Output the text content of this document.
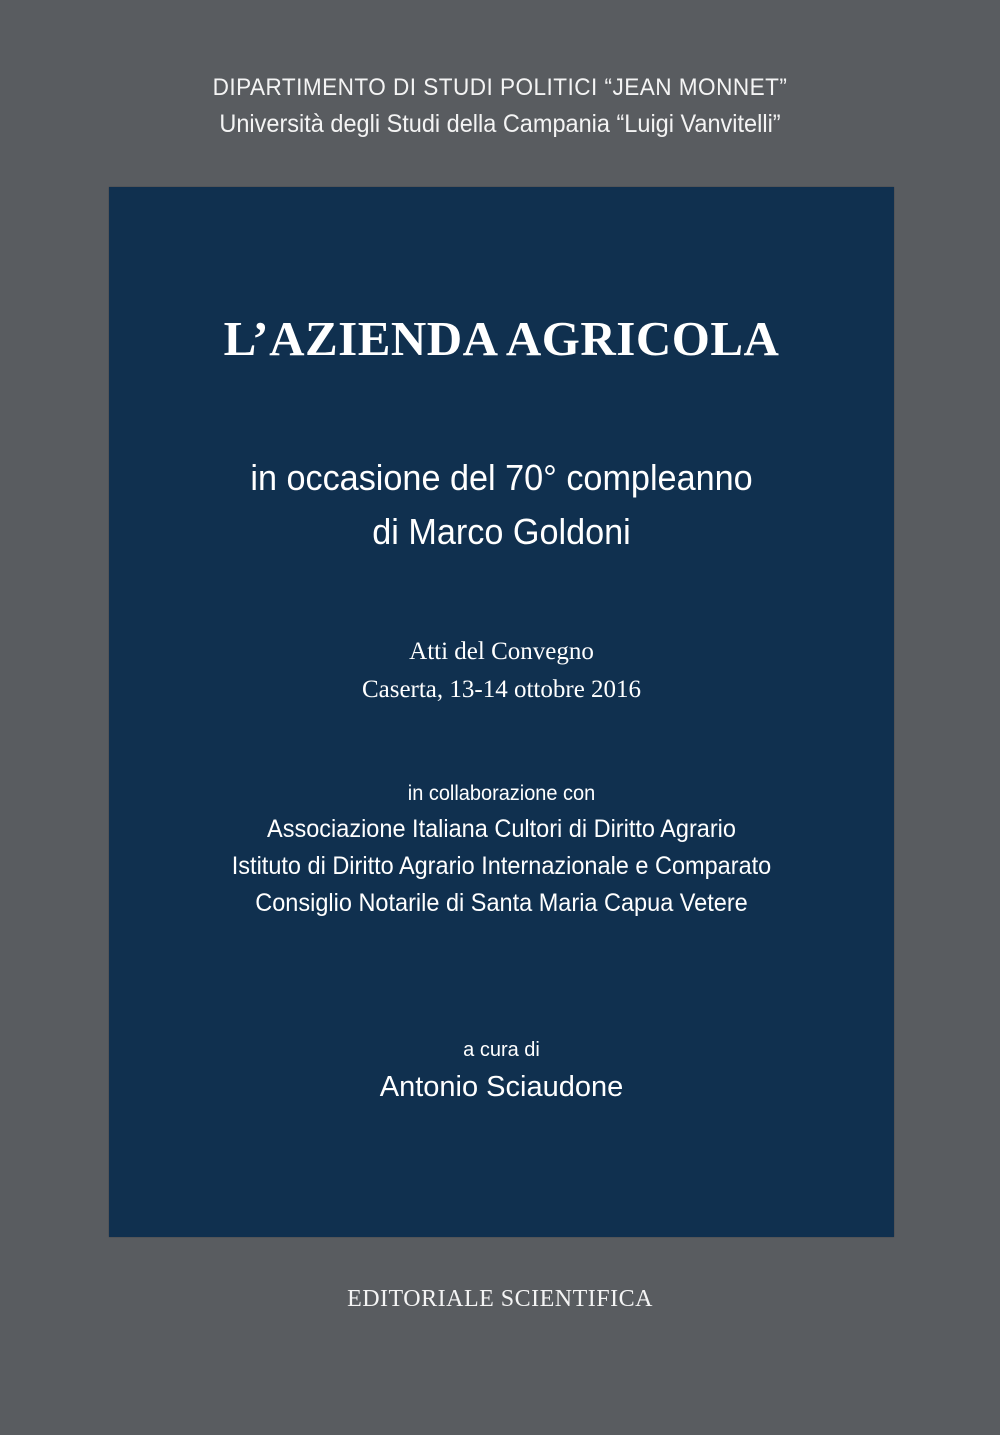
DIPARTIMENTO DI STUDI POLITICI “JEAN MONNET”
Università degli Studi della Campania “Luigi Vanvitelli”
L’AZIENDA AGRICOLA
in occasione del 70° compleanno
di Marco Goldoni
Atti del Convegno
Caserta, 13-14 ottobre 2016
in collaborazione con
Associazione Italiana Cultori di Diritto Agrario
Istituto di Diritto Agrario Internazionale e Comparato
Consiglio Notarile di Santa Maria Capua Vetere
a cura di
Antonio Sciaudone
EDITORIALE SCIENTIFICA
